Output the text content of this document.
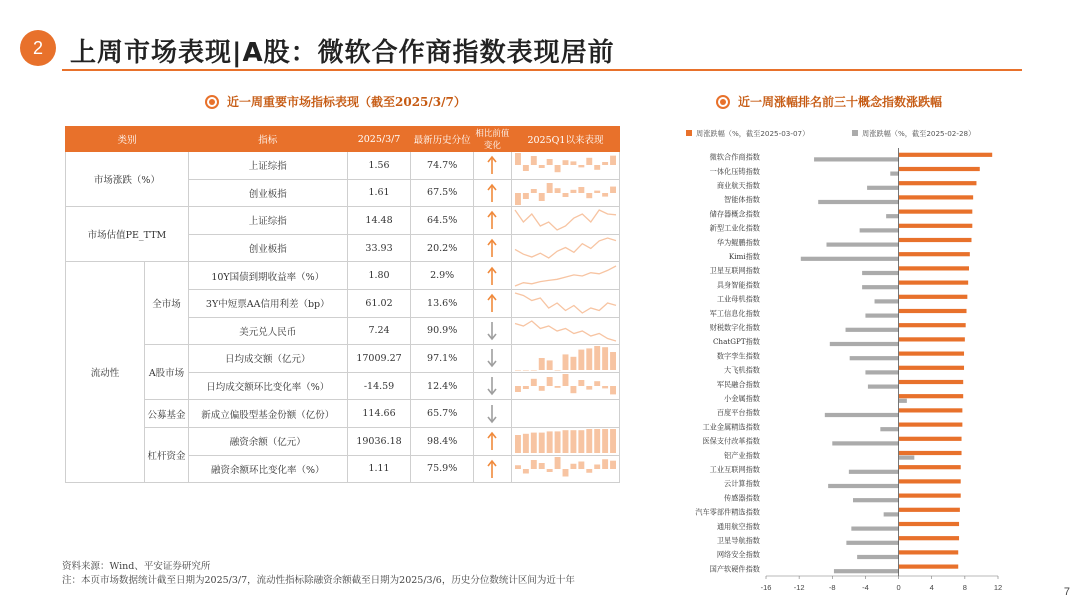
2	上周市场表现|A股：微软合作商指数表现居前
7
近一周重要市场指标表现（截至2025/3/7）	近一周涨幅排名前三十概念指数涨跌幅
类别		指标	2025/3/7	最新历史分位	相比前值变化	2025Q1以来表现
市场涨跌（%）		上证综指	1.56	74.7%	

		创业板指	1.61	67.5%	

市场估值PE_TTM		上证综指	14.48	64.5%	

		创业板指	33.93	20.2%	

流动性	全市场	10Y国债到期收益率（%）	1.80	2.9%	

		3Y中短票AA信用利差（bp）	61.02	13.6%	

		美元兑人民币	7.24	90.9%	

	A股市场	日均成交额（亿元）	17009.27	97.1%	

		日均成交额环比变化率（%）	-14.59	12.4%	

	公募基金	新成立偏股型基金份额（亿份）	114.66	65.7%	

	杠杆资金	融资余额（亿元）	19036.18	98.4%	

		融资余额环比变化率（%）	1.11	75.9%	

资料来源：Wind、平安证券研究所
注：本页市场数据统计截至日期为2025/3/7，流动性指标除融资余额截至日期为2025/3/6，历史分位数统计区间为近十年
周涨跌幅（%，截至2025-03-07）	周涨跌幅（%，截至2025-02-28）
微软合作商指数
一体化压铸指数
商业航天指数
智能体指数
储存器概念指数
新型工业化指数
华为鲲鹏指数
Kimi指数
卫星互联网指数
具身智能指数
工业母机指数
军工信息化指数
财税数字化指数
ChatGPT指数
数字孪生指数
大飞机指数
军民融合指数
小金属指数
百度平台指数
工业金属精选指数
医保支付改革指数
铝产业指数
工业互联网指数
云计算指数
传感器指数
汽车零部件精选指数
通用航空指数
卫星导航指数
网络安全指数
国产软硬件指数
-16	-12	-8	-4	0	4	8	12
